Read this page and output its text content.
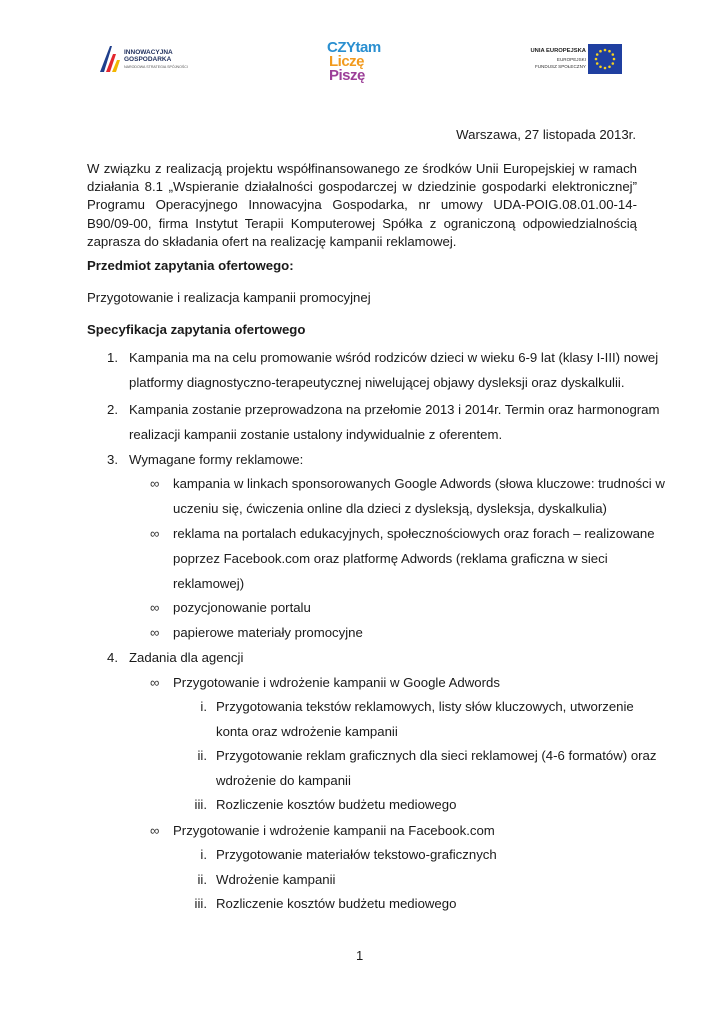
INNOWACYJNA
GOSPODARKA
NARODOWA STRATEGIA SPÓJNOŚCI
CZYtam
Liczę
Piszę
UNIA EUROPEJSKA
EUROPEJSKI
FUNDUSZ SPOŁECZNY

Warszawa, 27 listopada 2013r.

W związku z realizacją projektu współfinansowanego ze środków Unii Europejskiej w ramach działania 8.1 „Wspieranie działalności gospodarczej w dziedzinie gospodarki elektronicznej” Programu Operacyjnego Innowacyjna Gospodarka, nr umowy UDA-POIG.08.01.00-14-B90/09-00, firma Instytut Terapii Komputerowej Spółka z ograniczoną odpowiedzialnością zaprasza do składania ofert na realizację kampanii reklamowej.

Przedmiot zapytania ofertowego:

Przygotowanie i realizacja kampanii promocyjnej

Specyfikacja zapytania ofertowego

1. Kampania ma na celu promowanie wśród rodziców dzieci w wieku 6-9 lat (klasy I-III) nowej
platformy diagnostyczno-terapeutycznej niwelującej objawy dysleksji oraz dyskalkulii.

2. Kampania zostanie przeprowadzona na przełomie 2013 i 2014r. Termin oraz harmonogram
realizacji kampanii zostanie ustalony indywidualnie z oferentem.

3. Wymagane formy reklamowe:

∞ kampania w linkach sponsorowanych Google Adwords (słowa kluczowe: trudności w
uczeniu się, ćwiczenia online dla dzieci z dysleksją, dysleksja, dyskalkulia)

∞ reklama na portalach edukacyjnych, społecznościowych oraz forach – realizowane
poprzez Facebook.com oraz platformę Adwords (reklama graficzna w sieci
reklamowej)

∞ pozycjonowanie portalu

∞ papierowe materiały promocyjne

4. Zadania dla agencji

∞ Przygotowanie i wdrożenie kampanii w Google Adwords

i. Przygotowania tekstów reklamowych, listy słów kluczowych, utworzenie
konta oraz wdrożenie kampanii

ii. Przygotowanie reklam graficznych dla sieci reklamowej (4-6 formatów) oraz
wdrożenie do kampanii

iii. Rozliczenie kosztów budżetu mediowego

∞ Przygotowanie i wdrożenie kampanii na Facebook.com

i. Przygotowanie materiałów tekstowo-graficznych

ii. Wdrożenie kampanii

iii. Rozliczenie kosztów budżetu mediowego

1
